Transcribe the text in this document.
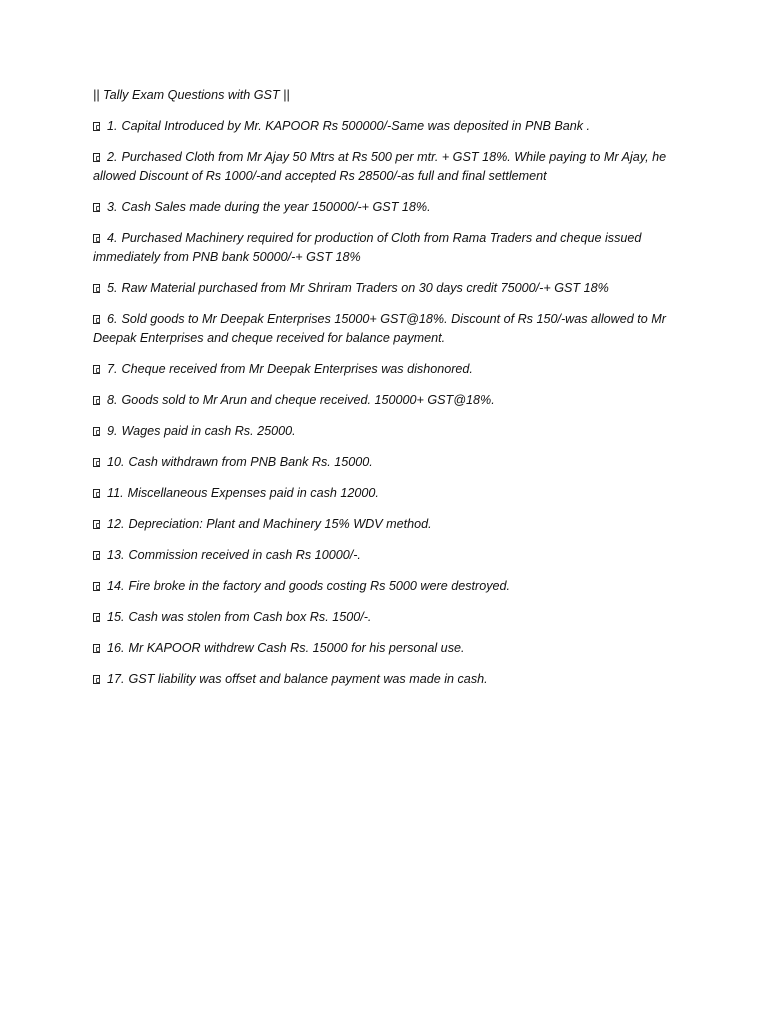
|| Tally Exam Questions with GST ||
1. Capital Introduced by Mr. KAPOOR Rs 500000/-Same was deposited in PNB Bank .
2. Purchased Cloth from Mr Ajay 50 Mtrs at Rs 500 per mtr. + GST 18%. While paying to Mr Ajay, he allowed Discount of Rs 1000/-and accepted Rs 28500/-as full and final settlement
3. Cash Sales made during the year 150000/-+ GST 18%.
4. Purchased Machinery required for production of Cloth from Rama Traders and cheque issued immediately from PNB bank 50000/-+ GST 18%
5. Raw Material purchased from Mr Shriram Traders on 30 days credit 75000/-+ GST 18%
6. Sold goods to Mr Deepak Enterprises 15000+ GST@18%. Discount of Rs 150/-was allowed to Mr Deepak Enterprises and cheque received for balance payment.
7. Cheque received from Mr Deepak Enterprises was dishonored.
8. Goods sold to Mr Arun and cheque received. 150000+ GST@18%.
9. Wages paid in cash Rs. 25000.
10. Cash withdrawn from PNB Bank Rs. 15000.
11. Miscellaneous Expenses paid in cash 12000.
12. Depreciation: Plant and Machinery 15% WDV method.
13. Commission received in cash Rs 10000/-.
14. Fire broke in the factory and goods costing Rs 5000 were destroyed.
15. Cash was stolen from Cash box Rs. 1500/-.
16. Mr KAPOOR withdrew Cash Rs. 15000 for his personal use.
17. GST liability was offset and balance payment was made in cash.
